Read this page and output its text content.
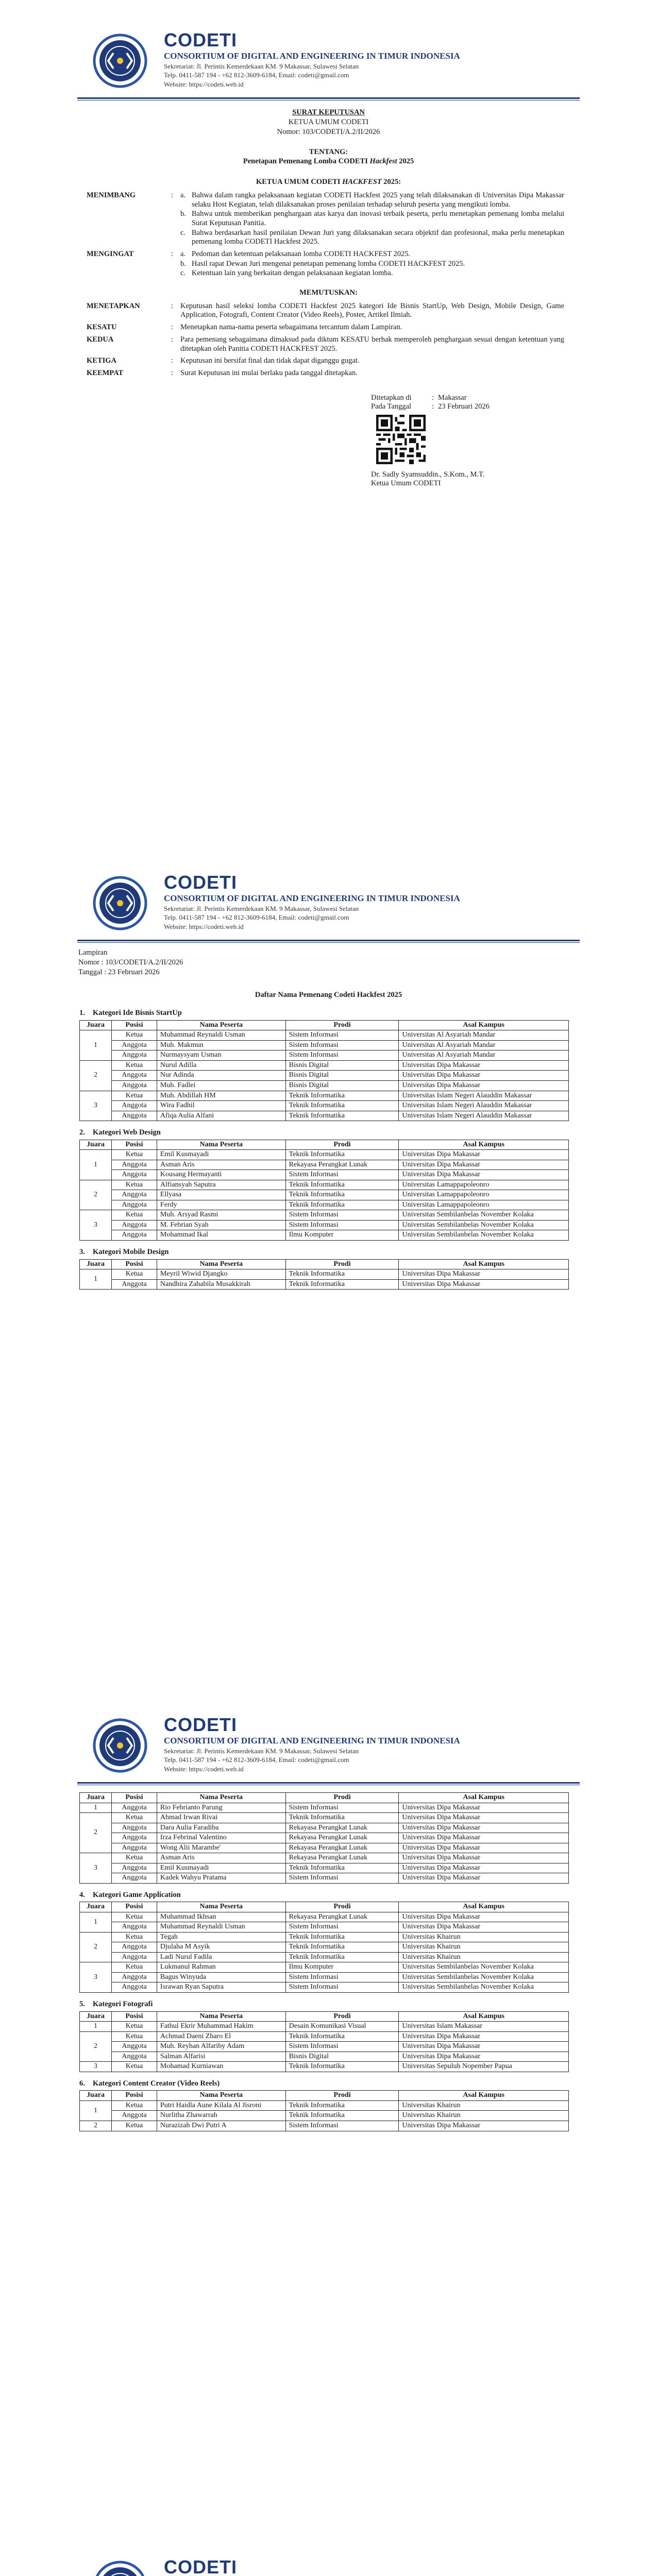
CODETI
CONSORTIUM OF DIGITAL AND ENGINEERING IN TIMUR INDONESIA
Sekretariat: Jl. Perintis Kemerdekaan KM. 9 Makassar, Sulawesi Selatan
Telp. 0411-587 194 - +62 812-3609-6184, Email: codeti@gmail.com
Website: https://codeti.web.id
SURAT KEPUTUSAN
KETUA UMUM CODETI
Nomor: 103/CODETI/A.2/II/2026
TENTANG:
Penetapan Pemenang Lomba CODETI Hackfest 2025
KETUA UMUM CODETI HACKFEST 2025:
MENIMBANG	: a. Bahwa dalam rangka pelaksanaan kegiatan CODETI Hackfest 2025 yang telah dilaksanakan di Universitas Dipa Makassar selaku Host Kegiatan, telah dilaksanakan proses penilaian terhadap seluruh peserta yang mengikuti lomba.
b. Bahwa untuk memberikan penghargaan atas karya dan inovasi terbaik peserta, perlu menetapkan pemenang lomba melalui Surat Keputusan Panitia.
c. Bahwa berdasarkan hasil penilaian Dewan Juri yang dilaksanakan secara objektif dan profesional, maka perlu menetapkan pemenang lomba CODETI Hackfest 2025.
MENGINGAT	: a. Pedoman dan ketentuan pelaksanaan lomba CODETI HACKFEST 2025.
b. Hasil rapat Dewan Juri mengenai penetapan pemenang lomba CODETI HACKFEST 2025.
c. Ketentuan lain yang berkaitan dengan pelaksanaan kegiatan lomba.
MEMUTUSKAN:
MENETAPKAN	: Keputusan hasil seleksi lomba CODETI Hackfest 2025 kategori Ide Bisnis StartUp, Web Design, Mobile Design, Game Application, Fotografi, Content Creator (Video Reels), Poster, Artikel Ilmiah.
KESATU	: Menetapkan nama-nama peserta sebagaimana tercantum dalam Lampiran.
KEDUA	: Para pemenang sebagaimana dimaksud pada diktum KESATU berhak memperoleh penghargaan sesuai dengan ketentuan yang ditetapkan oleh Panitia CODETI HACKFEST 2025.
KETIGA	: Keputusan ini bersifat final dan tidak dapat diganggu gugat.
KEEMPAT	: Surat Keputusan ini mulai berlaku pada tanggal ditetapkan.
Ditetapkan di	: Makassar
Pada Tanggal	: 23 Februari 2026
Dr. Sadly Syamsuddin., S.Kom., M.T.
Ketua Umum CODETI
CODETI
CONSORTIUM OF DIGITAL AND ENGINEERING IN TIMUR INDONESIA
Sekretariat: Jl. Perintis Kemerdekaan KM. 9 Makassar, Sulawesi Selatan
Telp. 0411-587 194 - +62 812-3609-6184, Email: codeti@gmail.com
Website: https://codeti.web.id
Lampiran
Nomor : 103/CODETI/A.2/II/2026
Tanggal : 23 Februari 2026
Daftar Nama Pemenang Codeti Hackfest 2025
1. Kategori Ide Bisnis StartUp
Juara	Posisi	Nama Peserta	Prodi	Asal Kampus
1	Ketua	Muhammad Reynaldi Usman	Sistem Informasi	Universitas Al Asyariah Mandar
	Anggota	Muh. Makmun	Sistem Informasi	Universitas Al Asyariah Mandar
	Anggota	Nurmaysyam Usman	Sistem Informasi	Universitas Al Asyariah Mandar
2	Ketua	Nurul Adilla	Bisnis Digital	Universitas Dipa Makassar
	Anggota	Nur Adinda	Bisnis Digital	Universitas Dipa Makassar
	Anggota	Muh. Fadlei	Bisnis Digital	Universitas Dipa Makassar
3	Ketua	Muh. Abdillah HM	Teknik Informatika	Universitas Islam Negeri Alauddin Makassar
	Anggota	Wira Fadhil	Teknik Informatika	Universitas Islam Negeri Alauddin Makassar
	Anggota	Afiqa Aulia Alfani	Teknik Informatika	Universitas Islam Negeri Alauddin Makassar
2. Kategori Web Design
Juara	Posisi	Nama Peserta	Prodi	Asal Kampus
1	Ketua	Emil Kusmayadi	Teknik Informatika	Universitas Dipa Makassar
	Anggota	Asman Aris	Rekayasa Perangkat Lunak	Universitas Dipa Makassar
	Anggota	Kousang Hermayanti	Sistem Informasi	Universitas Dipa Makassar
2	Ketua	Alfiansyah Saputra	Teknik Informatika	Universitas Lamappapoleonro
	Anggota	Ellyasa	Teknik Informatika	Universitas Lamappapoleonro
	Anggota	Ferdy	Teknik Informatika	Universitas Lamappapoleonro
3	Ketua	Muh. Arsyad Rasmi	Sistem Informasi	Universitas Sembilanbelas November Kolaka
	Anggota	M. Febrian Syah	Sistem Informasi	Universitas Sembilanbelas November Kolaka
	Anggota	Mohammad Ikal	Ilmu Komputer	Universitas Sembilanbelas November Kolaka
3. Kategori Mobile Design
Juara	Posisi	Nama Peserta	Prodi	Asal Kampus
1	Ketua	Meyril Wiwid Djangko	Teknik Informatika	Universitas Dipa Makassar
	Anggota	Nandhira Zahabila Musakkirah	Teknik Informatika	Universitas Dipa Makassar
CODETI
CONSORTIUM OF DIGITAL AND ENGINEERING IN TIMUR INDONESIA
Sekretariat: Jl. Perintis Kemerdekaan KM. 9 Makassar, Sulawesi Selatan
Telp. 0411-587 194 - +62 812-3609-6184, Email: codeti@gmail.com
Website: https://codeti.web.id
Juara	Posisi	Nama Peserta	Prodi	Asal Kampus
1	Anggota	Rio Febrianto Parung	Sistem Informasi	Universitas Dipa Makassar
2	Ketua	Ahmad Irwan Rivai	Teknik Informatika	Universitas Dipa Makassar
	Anggota	Dara Aulia Faradiba	Rekayasa Perangkat Lunak	Universitas Dipa Makassar
	Anggota	Irza Febrinal Valentino	Rekayasa Perangkat Lunak	Universitas Dipa Makassar
	Anggota	Wong Alii Marambe'	Rekayasa Perangkat Lunak	Universitas Dipa Makassar
3	Ketua	Asman Aris	Rekayasa Perangkat Lunak	Universitas Dipa Makassar
	Anggota	Emil Kusmayadi	Teknik Informatika	Universitas Dipa Makassar
	Anggota	Kadek Wahyu Pratama	Sistem Informasi	Universitas Dipa Makassar
4. Kategori Game Application
Juara	Posisi	Nama Peserta	Prodi	Asal Kampus
1	Ketua	Muhammad Ikhsan	Rekayasa Perangkat Lunak	Universitas Dipa Makassar
	Anggota	Muhammad Reynaldi Usman	Sistem Informasi	Universitas Dipa Makassar
2	Ketua	Tegah	Teknik Informatika	Universitas Khairun
	Anggota	Djulaha M Asyik	Teknik Informatika	Universitas Khairun
	Anggota	Ladi Nurul Fadila	Teknik Informatika	Universitas Khairun
3	Ketua	Lukmanul Rahman	Ilmu Komputer	Universitas Sembilanbelas November Kolaka
	Anggota	Bagus Winyuda	Sistem Informasi	Universitas Sembilanbelas November Kolaka
	Anggota	Israwan Ryan Saputra	Sistem Informasi	Universitas Sembilanbelas November Kolaka
5. Kategori Fotografi
Juara	Posisi	Nama Peserta	Prodi	Asal Kampus
1	Ketua	Fathul Ekrir Muhammad Hakim	Desain Komunikasi Visual	Universitas Islam Makassar
2	Ketua	Achmad Daeni Zharo El	Teknik Informatika	Universitas Dipa Makassar
	Anggota	Muh. Reyhan Alfariby Adam	Sistem Informasi	Universitas Dipa Makassar
	Anggota	Salman Alfarisi	Bisnis Digital	Universitas Dipa Makassar
3	Ketua	Mohamad Kurniawan	Teknik Informatika	Universitas Sepuluh Nopember Papua
6. Kategori Content Creator (Video Reels)
Juara	Posisi	Nama Peserta	Prodi	Asal Kampus
1	Ketua	Putri Haidla Aune Kilala Al Jisroni	Teknik Informatika	Universitas Khairun
	Anggota	Nurlitha Zhawarrah	Teknik Informatika	Universitas Khairun
2	Ketua	Nurazizah Dwi Putri A	Sistem Informasi	Universitas Dipa Makassar
CODETI
